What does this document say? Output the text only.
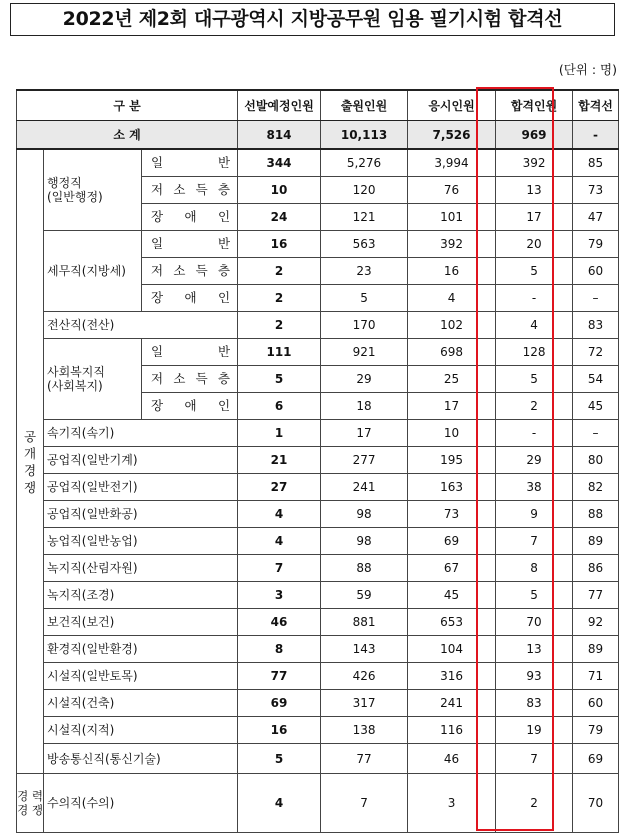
2022년 제2회 대구광역시 지방공무원 임용 필기시험 합격선
(단위 : 명)
구 분			선발예정인원	출원인원	응시인원	합격인원	합격선
소 계			814	10,113	7,526	969	-
공 개 경 쟁	행정직
(일반행정)	일 반	344	5,276	3,994	392	85

		저 소 득 층	10	120	76	13	73

		장 애 인	24	121	101	17	47
	세무직(지방세)	일 반	16	563	392	20	79

		저 소 득 층	2	23	16	5	60

		장 애 인	2	5	4	-	–
	전산직(전산)		2	170	102	4	83
	사회복지직
(사회복지)	일 반	111	921	698	128	72

		저 소 득 층	5	29	25	5	54

		장 애 인	6	18	17	2	45
	속기직(속기)		1	17	10	-	–
	공업직(일반기계)		21	277	195	29	80
	공업직(일반전기)		27	241	163	38	82
	공업직(일반화공)		4	98	73	9	88
	농업직(일반농업)		4	98	69	7	89
	녹지직(산림자원)		7	88	67	8	86
	녹지직(조경)		3	59	45	5	77
	보건직(보건)		46	881	653	70	92
	환경직(일반환경)		8	143	104	13	89
	시설직(일반토목)		77	426	316	93	71
	시설직(건축)		69	317	241	83	60
	시설직(지적)		16	138	116	19	79
	방송통신직(통신기술)		5	77	46	7	69
경 력 경 쟁	수의직(수의)		4	7	3	2	70
